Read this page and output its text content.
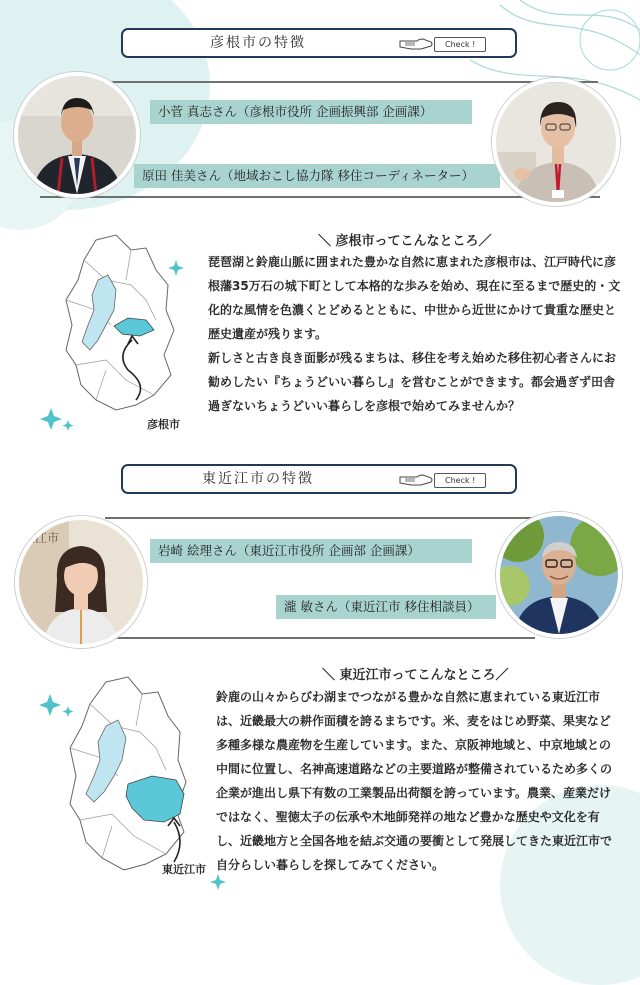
彦根市の特徴	Check !
小菅 真志さん（彦根市役所 企画振興部 企画課）
原田 佳美さん（地域おこし協力隊 移住コーディネーター）
＼ 彦根市ってこんなところ／

琵琶湖と鈴鹿山脈に囲まれた豊かな自然に恵まれた彦根市は、江戸時代に彦根藩35万石の城下町として本格的な歩みを始め、現在に至るまで歴史的・文化的な風情を色濃くとどめるとともに、中世から近世にかけて貴重な歴史と歴史遺産が残ります。

新しさと古き良き面影が残るまちは、移住を考え始めた移住初心者さんにお勧めしたい『ちょうどいい暮らし』を営むことができます。都会過ぎず田舎過ぎないちょうどいい暮らしを彦根で始めてみませんか？

彦根市
東近江市の特徴	Check !
岩崎 絵理さん（東近江市役所 企画部 企画課）
瀧 敏さん（東近江市 移住相談員）
近江市
＼ 東近江市ってこんなところ／

鈴鹿の山々からびわ湖までつながる豊かな自然に恵まれている東近江市は、近畿最大の耕作面積を誇るまちです。米、麦をはじめ野菜、果実など多種多様な農産物を生産しています。また、京阪神地域と、中京地域との中間に位置し、名神高速道路などの主要道路が整備されているため多くの企業が進出し県下有数の工業製品出荷額を誇っています。農業、産業だけではなく、聖徳太子の伝承や木地師発祥の地など豊かな歴史や文化を有し、近畿地方と全国各地を結ぶ交通の要衝として発展してきた東近江市で自分らしい暮らしを探してみてください。

東近江市
